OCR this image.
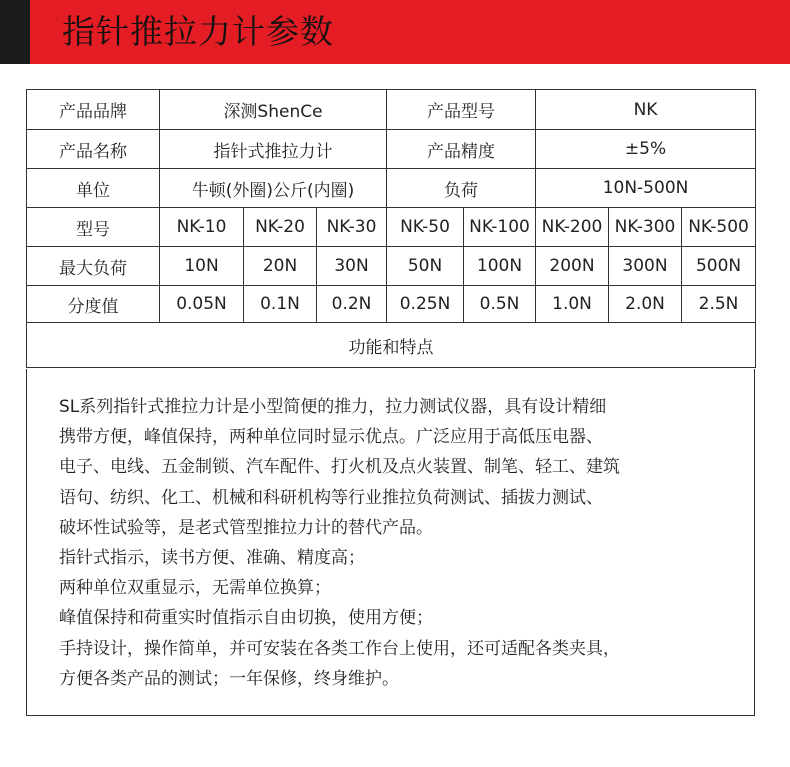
指针推拉力计参数
产品品牌	深测ShenCe			产品型号		NK		
产品名称	指针式推拉力计			产品精度		±5%		
单位	牛顿(外圈)公斤(内圈)			负荷		10N-500N		
型号	NK-10	NK-20	NK-30	NK-50	NK-100	NK-200	NK-300	NK-500
最大负荷	10N	20N	30N	50N	100N	200N	300N	500N
分度值	0.05N	0.1N	0.2N	0.25N	0.5N	1.0N	2.0N	2.5N
功能和特点								
SL系列指针式推拉力计是小型简便的推力，拉力测试仪器，具有设计精细
携带方便，峰值保持，两种单位同时显示优点。广泛应用于高低压电器、
电子、电线、五金制锁、汽车配件、打火机及点火装置、制笔、轻工、建筑
语句、纺织、化工、机械和科研机构等行业推拉负荷测试、插拔力测试、
破坏性试验等，是老式管型推拉力计的替代产品。
指针式指示，读书方便、准确、精度高；
两种单位双重显示，无需单位换算；
峰值保持和荷重实时值指示自由切换，使用方便；
手持设计，操作简单，并可安装在各类工作台上使用，还可适配各类夹具，
方便各类产品的测试；一年保修，终身维护。
